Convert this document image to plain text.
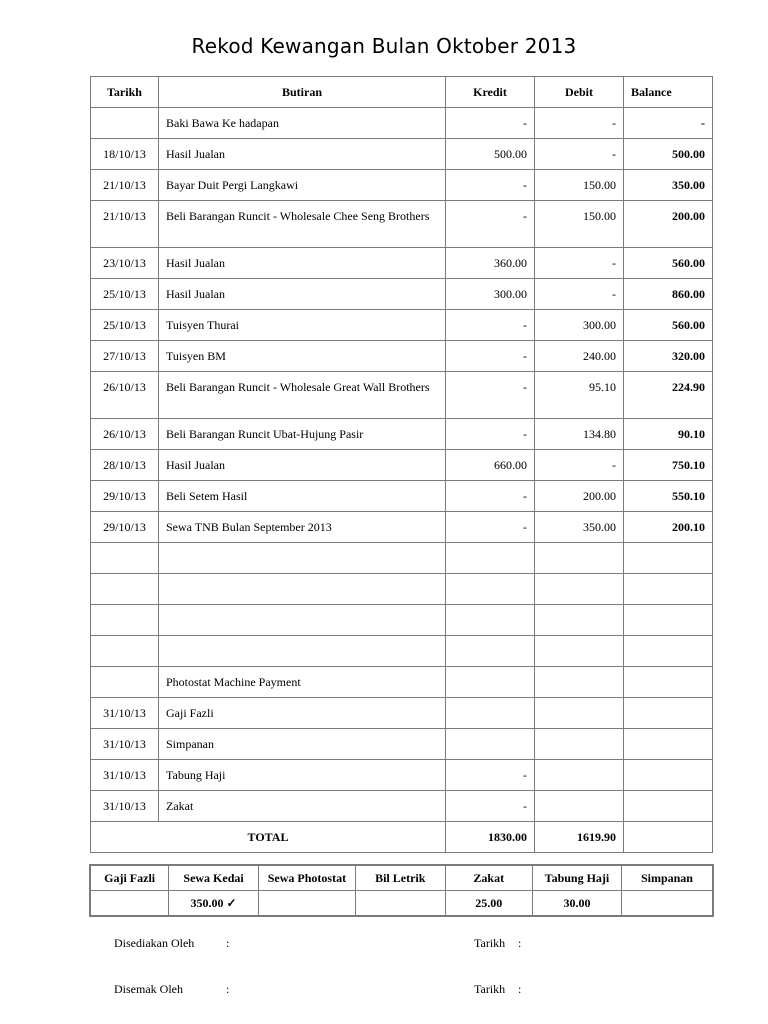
Rekod Kewangan Bulan Oktober 2013
Tarikh	Butiran	Kredit	Debit	Balance
	Baki Bawa Ke hadapan	-	-	-
18/10/13	Hasil Jualan	500.00	-	500.00
21/10/13	Bayar Duit Pergi Langkawi	-	150.00	350.00
21/10/13	Beli Barangan Runcit - Wholesale Chee Seng Brothers	-	150.00	200.00
23/10/13	Hasil Jualan	360.00	-	560.00
25/10/13	Hasil Jualan	300.00	-	860.00
25/10/13	Tuisyen Thurai	-	300.00	560.00
27/10/13	Tuisyen BM	-	240.00	320.00
26/10/13	Beli Barangan Runcit - Wholesale Great Wall Brothers	-	95.10	224.90
26/10/13	Beli Barangan Runcit Ubat-Hujung Pasir	-	134.80	90.10
28/10/13	Hasil Jualan	660.00	-	750.10
29/10/13	Beli Setem Hasil	-	200.00	550.10
29/10/13	Sewa TNB Bulan September 2013	-	350.00	200.10

	Photostat Machine Payment			
31/10/13	Gaji Fazli			
31/10/13	Simpanan			
31/10/13	Tabung Haji	-		
31/10/13	Zakat	-		
TOTAL		1830.00	1619.90	
Gaji Fazli	Sewa Kedai	Sewa Photostat	Bil Letrik	Zakat	Tabung Haji	Simpanan
	350.00 ✓			25.00	30.00	
Disediakan Oleh	:	Tarikh :
Disemak Oleh	:	Tarikh :
